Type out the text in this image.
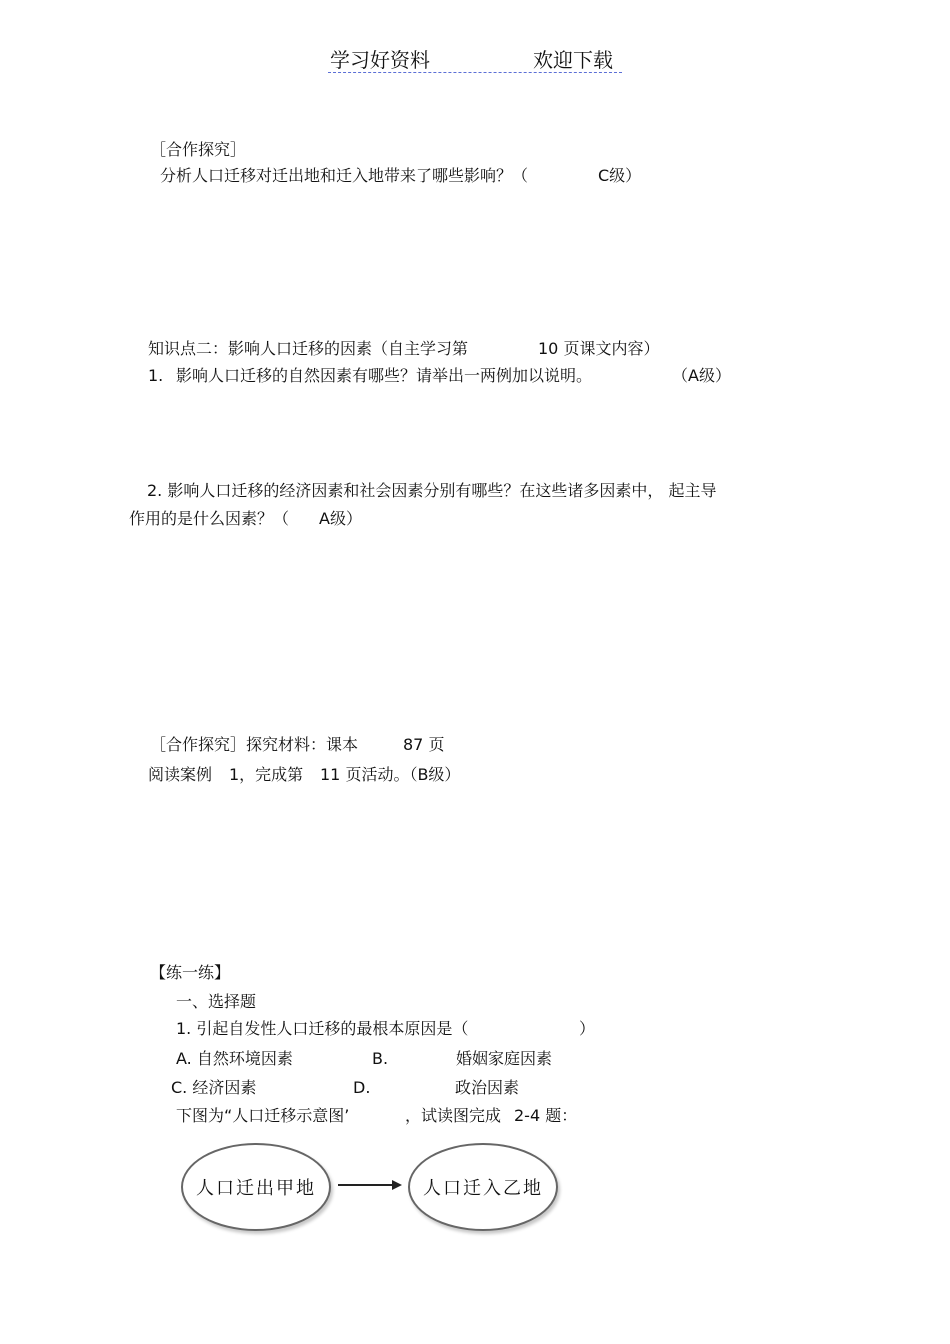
学习好资料	欢迎下载
［合作探究］
分析人口迁移对迁出地和迁入地带来了哪些影响？（	C级）
知识点二：影响人口迁移的因素（自主学习第	10 页课文内容）
1. 影响人口迁移的自然因素有哪些？请举出一两例加以说明。	（A级）
2. 影响人口迁移的经济因素和社会因素分别有哪些？在这些诸多因素中， 起主导
作用的是什么因素？（ A级）
［合作探究］探究材料：课本	87 页
阅读案例 1，完成第 11 页活动。（B级）
【练一练】
一、选择题
1. 引起自发性人口迁移的最根本原因是（	）
A. 自然环境因素	B.	婚姻家庭因素
C. 经济因素	D.	政治因素
下图为“人口迁移示意图’	，试读图完成 2-4 题：
人口迁出甲地	人口迁入乙地
